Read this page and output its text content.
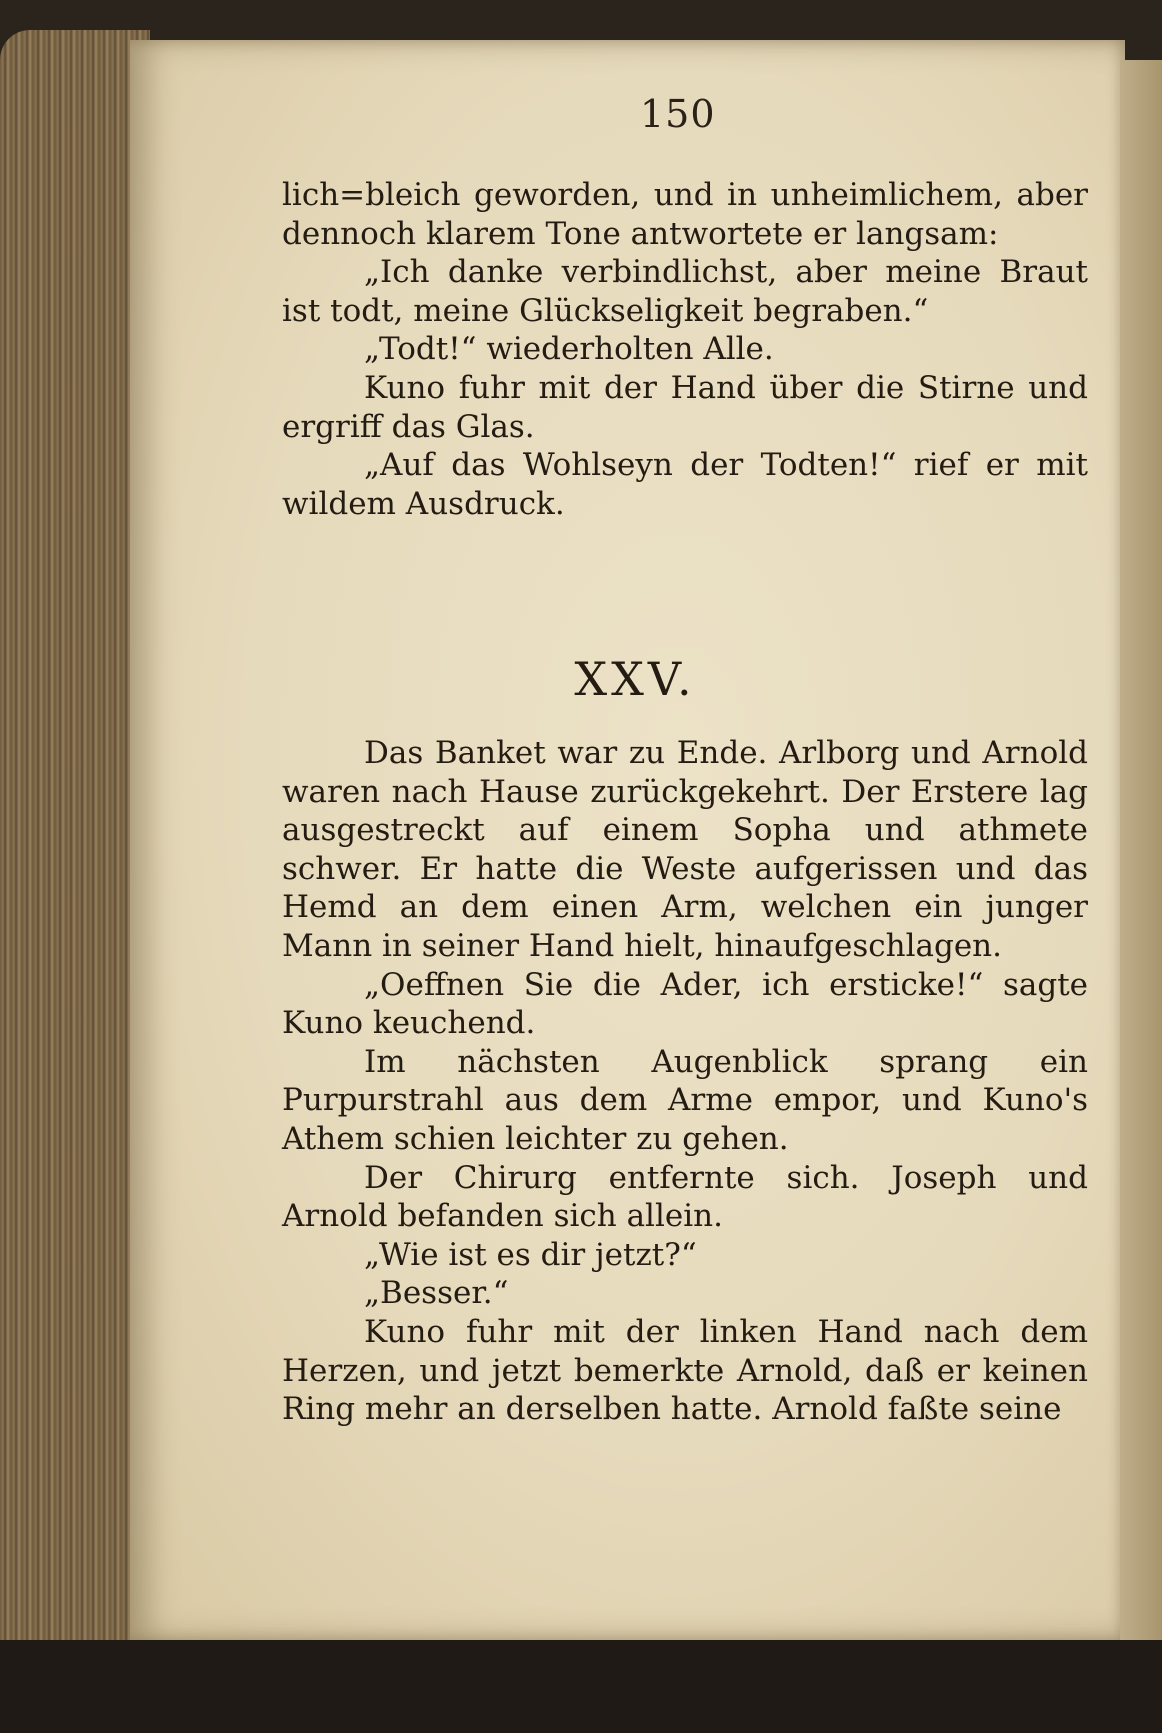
150

lich=bleich geworden, und in unheimlichem, aber dennoch klarem Tone antwortete er langsam:

„Ich danke verbindlichst, aber meine Braut ist todt, meine Glückseligkeit begraben.“

„Todt!“ wiederholten Alle.

Kuno fuhr mit der Hand über die Stirne und ergriff das Glas.

„Auf das Wohlseyn der Todten!“ rief er mit wildem Ausdruck.

XXV.

Das Banket war zu Ende. Arlborg und Arnold waren nach Hause zurückgekehrt. Der Erstere lag ausgestreckt auf einem Sopha und athmete schwer. Er hatte die Weste aufgerissen und das Hemd an dem einen Arm, welchen ein junger Mann in seiner Hand hielt, hinaufgeschlagen.

„Oeffnen Sie die Ader, ich ersticke!“ sagte Kuno keuchend.

Im nächsten Augenblick sprang ein Purpurstrahl aus dem Arme empor, und Kuno's Athem schien leichter zu gehen.

Der Chirurg entfernte sich. Joseph und Arnold befanden sich allein.

„Wie ist es dir jetzt?“

„Besser.“

Kuno fuhr mit der linken Hand nach dem Herzen, und jetzt bemerkte Arnold, daß er keinen Ring mehr an derselben hatte. Arnold faßte seine
